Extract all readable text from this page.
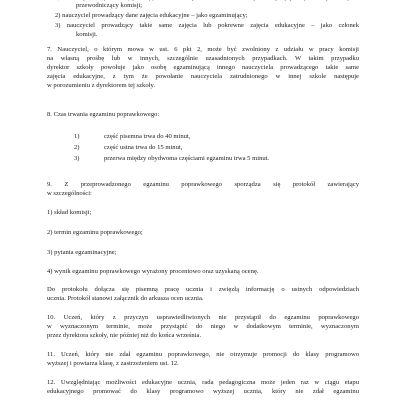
przewodniczący komisji;

2) nauczyciel prowadzący dane zajęcia edukacyjne – jako egzaminujący;

3) nauczyciel prowadzący takie same zajęcia lub pokrewne zajęcia edukacyjne – jako członek

komisji.

7. Nauczyciel, o którym mowa w ust. 6 pkt 2, może być zwolniony z udziału w pracy komisji

na własną prośbę lub w innych, szczególnie uzasadnionych przypadkach. W takim przypadku

dyrektor szkoły powołuje jako osobę egzaminującą innego nauczyciela prowadzącego takie same

zajęcia edukacyjne, z tym że powołanie nauczyciela zatrudnionego w innej szkole następuje

w porozumieniu z dyrektorem tej szkoły.

8. Czas trwania egzaminu poprawkowego:

1)	część pisemna trwa do 40 minut,

2)	część ustna trwa do 15 minut,

3)	przerwa między obydwoma częściami egzaminu trwa 5 minut.

9. Z przeprowadzonego egzaminu poprawkowego sporządza się protokół zawierający

w szczególności:

1) skład komisji;

2) termin egzaminu poprawkowego;

3) pytania egzaminacyjne;

4) wynik egzaminu poprawkowego wyrażony procentowo oraz uzyskaną ocenę.

Do protokołu dołącza się pisemną pracę ucznia i zwięzłą informację o ustnych odpowiedziach

ucznia. Protokół stanowi załącznik do arkusza ocen ucznia.

10. Uczeń, który z przyczyn usprawiedliwionych nie przystąpił do egzaminu poprawkowego

w wyznaczonym terminie, może przystąpić do niego w dodatkowym terminie, wyznaczonym

przez dyrektora szkoły, nie później niż do końca września.

11. Uczeń, który nie zdał egzaminu poprawkowego, nie otrzymuje promocji do klasy programowo

wyższej i powtarza klasę, z zastrzeżeniem ust. 12.

12. Uwzględniając możliwości edukacyjne ucznia, rada pedagogiczna może jeden raz w ciągu etapu

edukacyjnego promować do klasy programowo wyższej ucznia, który nie zdał egzaminu
